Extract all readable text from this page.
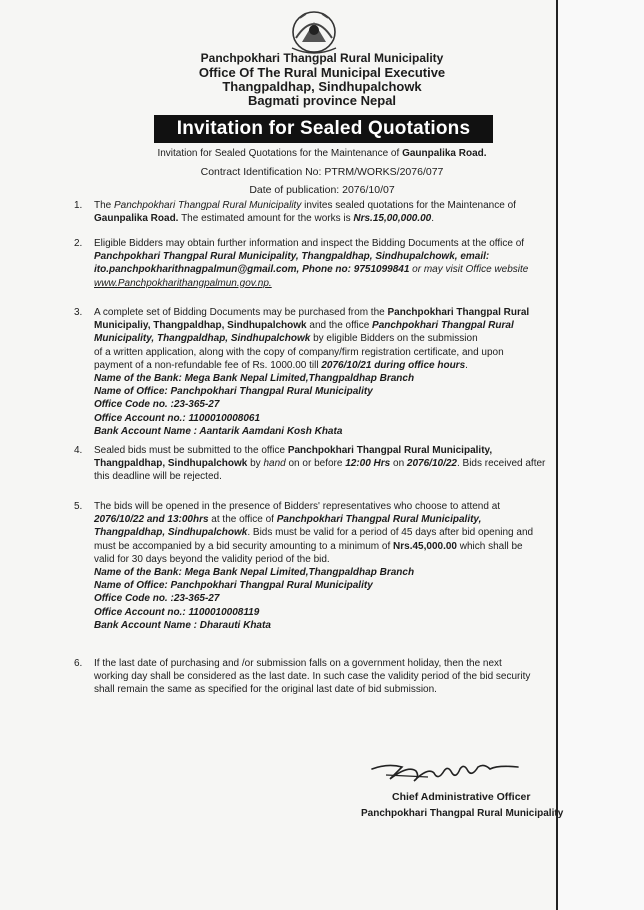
Panchpokhari Thangpal Rural Municipality
Office Of The Rural Municipal Executive
Thangpaldhap, Sindhupalchowk
Bagmati province Nepal
Invitation for Sealed Quotations
Invitation for Sealed Quotations for the Maintenance of Gaunpalika Road.
Contract Identification No: PTRM/WORKS/2076/077
Date of publication: 2076/10/07
1. The Panchpokhari Thangpal Rural Municipality invites sealed quotations for the Maintenance of
Gaunpalika Road. The estimated amount for the works is Nrs.15,00,000.00.
2. Eligible Bidders may obtain further information and inspect the Bidding Documents at the office of
Panchpokhari Thangpal Rural Municipality, Thangpaldhap, Sindhupalchowk, email:
ito.panchpokharithnagpalmun@gmail.com, Phone no: 9751099841 or may visit Office website
www.Panchpokharithangpalmun.gov.np.
3. A complete set of Bidding Documents may be purchased from the Panchpokhari Thangpal Rural
Municipaliy, Thangpaldhap, Sindhupalchowk and the office Panchpokhari Thangpal Rural
Municipality, Thangpaldhap, Sindhupalchowk by eligible Bidders on the submission
of a written application, along with the copy of company/firm registration certificate, and upon
payment of a non-refundable fee of Rs. 1000.00 till 2076/10/21 during office hours.
Name of the Bank: Mega Bank Nepal Limited,Thangpaldhap Branch
Name of Office: Panchpokhari Thangpal Rural Municipality
Office Code no. :23-365-27
Office Account no.: 1100010008061
Bank Account Name : Aantarik Aamdani Kosh Khata
4. Sealed bids must be submitted to the office Panchpokhari Thangpal Rural Municipality,
Thangpaldhap, Sindhupalchowk by hand on or before 12:00 Hrs on 2076/10/22. Bids received after
this deadline will be rejected.
5. The bids will be opened in the presence of Bidders' representatives who choose to attend at
2076/10/22 and 13:00hrs at the office of Panchpokhari Thangpal Rural Municipality,
Thangpaldhap, Sindhupalchowk. Bids must be valid for a period of 45 days after bid opening and
must be accompanied by a bid security amounting to a minimum of Nrs.45,000.00 which shall be
valid for 30 days beyond the validity period of the bid.
Name of the Bank: Mega Bank Nepal Limited,Thangpaldhap Branch
Name of Office: Panchpokhari Thangpal Rural Municipality
Office Code no. :23-365-27
Office Account no.: 1100010008119
Bank Account Name : Dharauti Khata
6. If the last date of purchasing and /or submission falls on a government holiday, then the next
working day shall be considered as the last date. In such case the validity period of the bid security
shall remain the same as specified for the original last date of bid submission.
Chief Administrative Officer
Panchpokhari Thangpal Rural Municipality
